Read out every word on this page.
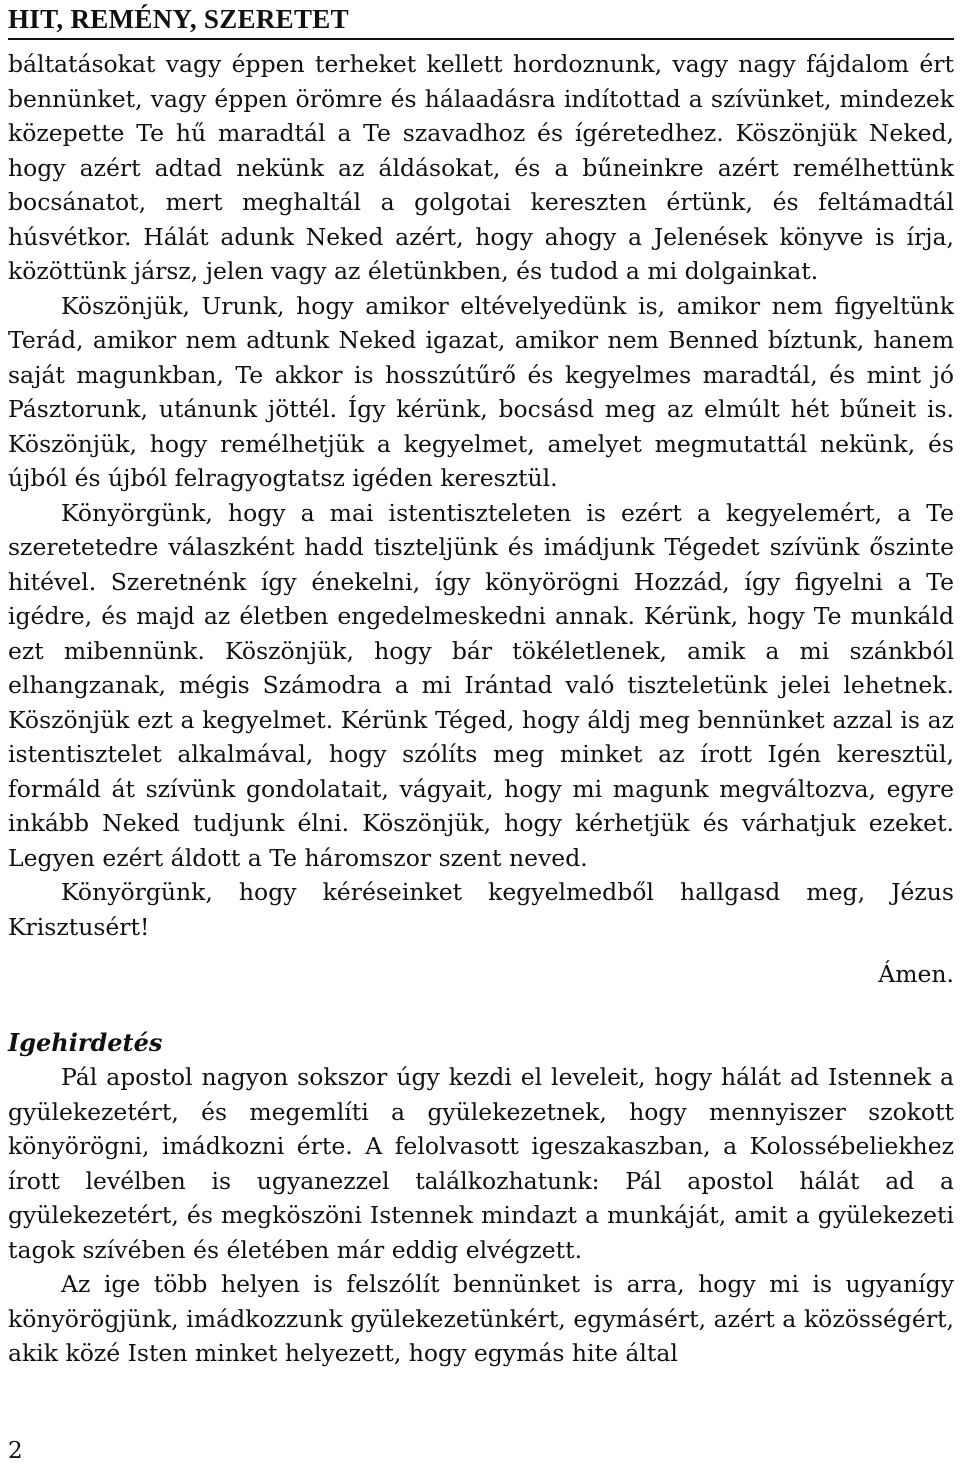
HIT, REMÉNY, SZERETET

báltatásokat vagy éppen terheket kellett hordoznunk, vagy nagy fájdalom ért bennünket, vagy éppen örömre és hálaadásra indítottad a szívünket, mindezek közepette Te hű maradtál a Te szavadhoz és ígéretedhez. Köszönjük Neked, hogy azért adtad nekünk az áldásokat, és a bűneinkre azért remélhettünk bocsánatot, mert meghaltál a golgotai kereszten értünk, és feltámadtál húsvétkor. Hálát adunk Neked azért, hogy ahogy a Jelenések könyve is írja, közöttünk jársz, jelen vagy az életünkben, és tudod a mi dolgainkat.

Köszönjük, Urunk, hogy amikor eltévelyedünk is, amikor nem figyeltünk Terád, amikor nem adtunk Neked igazat, amikor nem Benned bíztunk, hanem saját magunkban, Te akkor is hosszútűrő és kegyelmes maradtál, és mint jó Pásztorunk, utánunk jöttél. Így kérünk, bocsásd meg az elmúlt hét bűneit is. Köszönjük, hogy remélhetjük a kegyelmet, amelyet megmutattál nekünk, és újból és újból felragyogtatsz igéden keresztül.

Könyörgünk, hogy a mai istentiszteleten is ezért a kegyelemért, a Te szeretetedre válaszként hadd tiszteljünk és imádjunk Tégedet szívünk őszinte hitével. Szeretnénk így énekelni, így könyörögni Hozzád, így figyelni a Te igédre, és majd az életben engedelmeskedni annak. Kérünk, hogy Te munkáld ezt mibennünk. Köszönjük, hogy bár tökéletlenek, amik a mi szánkból elhangzanak, mégis Számodra a mi Irántad való tiszteletünk jelei lehetnek. Köszönjük ezt a kegyelmet. Kérünk Téged, hogy áldj meg bennünket azzal is az istentisztelet alkalmával, hogy szólíts meg minket az írott Igén keresztül, formáld át szívünk gondolatait, vágyait, hogy mi magunk megváltozva, egyre inkább Neked tudjunk élni. Köszönjük, hogy kérhetjük és várhatjuk ezeket. Legyen ezért áldott a Te háromszor szent neved.

Könyörgünk, hogy kéréseinket kegyelmedből hallgasd meg, Jézus Krisztusért!

Ámen.

Igehirdetés

Pál apostol nagyon sokszor úgy kezdi el leveleit, hogy hálát ad Istennek a gyülekezetért, és megemlíti a gyülekezetnek, hogy mennyiszer szokott könyörögni, imádkozni érte. A felolvasott igeszakaszban, a Kolossébeliekhez írott levélben is ugyanezzel találkozhatunk: Pál apostol hálát ad a gyülekezetért, és megköszöni Istennek mindazt a munkáját, amit a gyülekezeti tagok szívében és életében már eddig elvégzett.

Az ige több helyen is felszólít bennünket is arra, hogy mi is ugyanígy könyörögjünk, imádkozzunk gyülekezetünkért, egymásért, azért a közösségért, akik közé Isten minket helyezett, hogy egymás hite által

2
